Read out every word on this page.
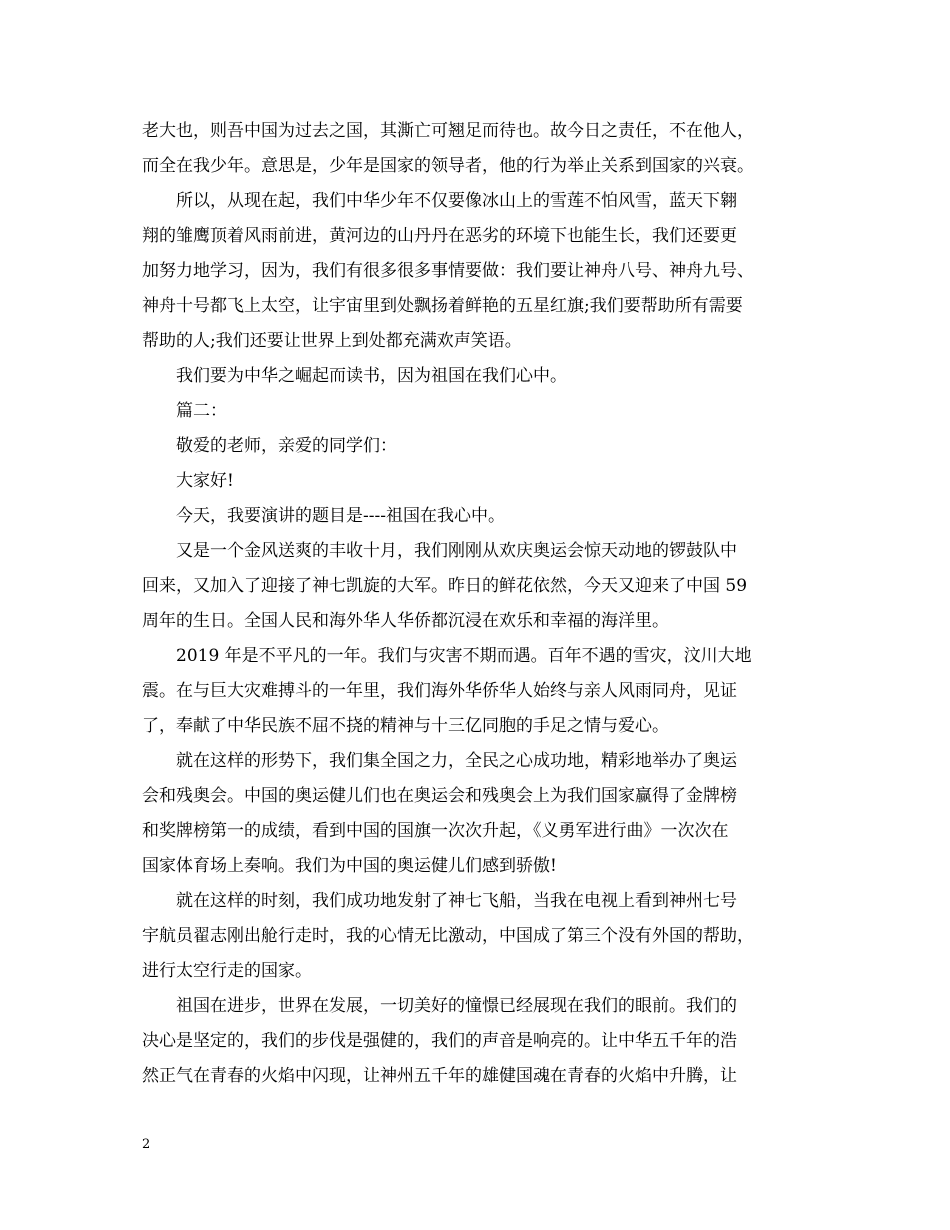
老大也，则吾中国为过去之国，其澌亡可翘足而待也。故今日之责任，不在他人，
而全在我少年。意思是，少年是国家的领导者，他的行为举止关系到国家的兴衰。
所以，从现在起，我们中华少年不仅要像冰山上的雪莲不怕风雪，蓝天下翱
翔的雏鹰顶着风雨前进，黄河边的山丹丹在恶劣的环境下也能生长，我们还要更
加努力地学习，因为，我们有很多很多事情要做：我们要让神舟八号、神舟九号、
神舟十号都飞上太空，让宇宙里到处飘扬着鲜艳的五星红旗;我们要帮助所有需要
帮助的人;我们还要让世界上到处都充满欢声笑语。
我们要为中华之崛起而读书，因为祖国在我们心中。
篇二：
敬爱的老师，亲爱的同学们：
大家好!
今天，我要演讲的题目是----祖国在我心中。
又是一个金风送爽的丰收十月，我们刚刚从欢庆奥运会惊天动地的锣鼓队中
回来，又加入了迎接了神七凯旋的大军。昨日的鲜花依然，今天又迎来了中国 59
周年的生日。全国人民和海外华人华侨都沉浸在欢乐和幸福的海洋里。
2019 年是不平凡的一年。我们与灾害不期而遇。百年不遇的雪灾，汶川大地
震。在与巨大灾难搏斗的一年里，我们海外华侨华人始终与亲人风雨同舟，见证
了，奉献了中华民族不屈不挠的精神与十三亿同胞的手足之情与爱心。
就在这样的形势下，我们集全国之力，全民之心成功地，精彩地举办了奥运
会和残奥会。中国的奥运健儿们也在奥运会和残奥会上为我们国家赢得了金牌榜
和奖牌榜第一的成绩，看到中国的国旗一次次升起，《义勇军进行曲》一次次在
国家体育场上奏响。我们为中国的奥运健儿们感到骄傲!
就在这样的时刻，我们成功地发射了神七飞船，当我在电视上看到神州七号
宇航员翟志刚出舱行走时，我的心情无比激动，中国成了第三个没有外国的帮助，
进行太空行走的国家。
祖国在进步，世界在发展，一切美好的憧憬已经展现在我们的眼前。我们的
决心是坚定的，我们的步伐是强健的，我们的声音是响亮的。让中华五千年的浩
然正气在青春的火焰中闪现，让神州五千年的雄健国魂在青春的火焰中升腾，让
2
